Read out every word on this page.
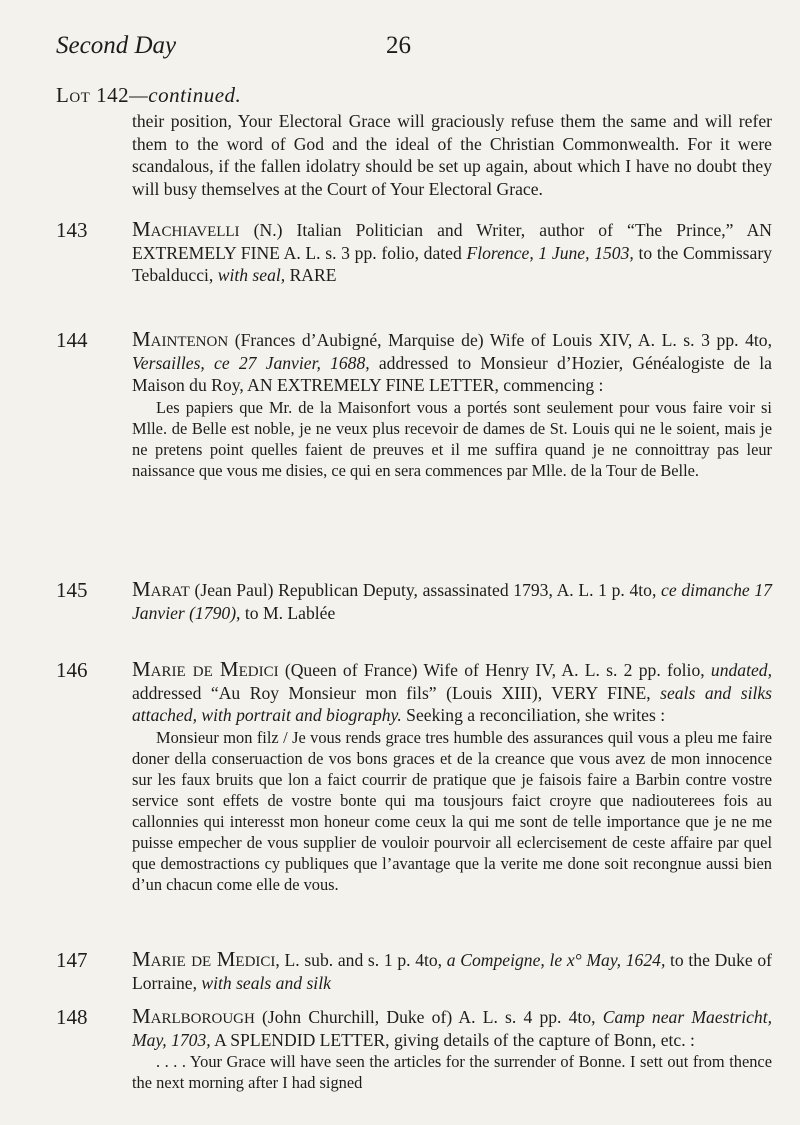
Second Day	26
Lot 142—continued.
their position, Your Electoral Grace will graciously refuse them the same and will refer them to the word of God and the ideal of the Christian Commonwealth. For it were scandalous, if the fallen idolatry should be set up again, about which I have no doubt they will busy themselves at the Court of Your Electoral Grace.
143 Machiavelli (N.) Italian Politician and Writer, author of “The Prince,” AN EXTREMELY FINE A. L. s. 3 pp. folio, dated Florence, 1 June, 1503, to the Commissary Tebalducci, with seal, RARE
144 Maintenon (Frances d’Aubigné, Marquise de) Wife of Louis XIV, A. L. s. 3 pp. 4to, Versailles, ce 27 Janvier, 1688, addressed to Monsieur d’Hozier, Généalogiste de la Maison du Roy, AN EXTREMELY FINE LETTER, commencing :
Les papiers que Mr. de la Maisonfort vous a portés sont seulement pour vous faire voir si Mlle. de Belle est noble, je ne veux plus recevoir de dames de St. Louis qui ne le soient, mais je ne pretens point quelles faient de preuves et il me suffira quand je ne connoittray pas leur naissance que vous me disies, ce qui en sera commences par Mlle. de la Tour de Belle.
145 Marat (Jean Paul) Republican Deputy, assassinated 1793, A. L. 1 p. 4to, ce dimanche 17 Janvier (1790), to M. Lablée
146 Marie de Medici (Queen of France) Wife of Henry IV, A. L. s. 2 pp. folio, undated, addressed “Au Roy Monsieur mon fils” (Louis XIII), VERY FINE, seals and silks attached, with portrait and biography. Seeking a reconciliation, she writes :
Monsieur mon filz / Je vous rends grace tres humble des assurances quil vous a pleu me faire doner della conseruaction de vos bons graces et de la creance que vous avez de mon innocence sur les faux bruits que lon a faict courrir de pratique que je faisois faire a Barbin contre vostre service sont effets de vostre bonte qui ma tousjours faict croyre que nadiouterees fois au callonnies qui interesst mon honeur come ceux la qui me sont de telle importance que je ne me puisse empecher de vous supplier de vouloir pourvoir all eclercisement de ceste affaire par quel que demostractions cy publiques que l’avantage que la verite me done soit recongnue aussi bien d’un chacun come elle de vous.
147 Marie de Medici, L. sub. and s. 1 p. 4to, a Compeigne, le x° May, 1624, to the Duke of Lorraine, with seals and silk
148 Marlborough (John Churchill, Duke of) A. L. s. 4 pp. 4to, Camp near Maestricht, May, 1703, A SPLENDID LETTER, giving details of the capture of Bonn, etc. :
. . . . Your Grace will have seen the articles for the surrender of Bonne. I sett out from thence the next morning after I had signed
